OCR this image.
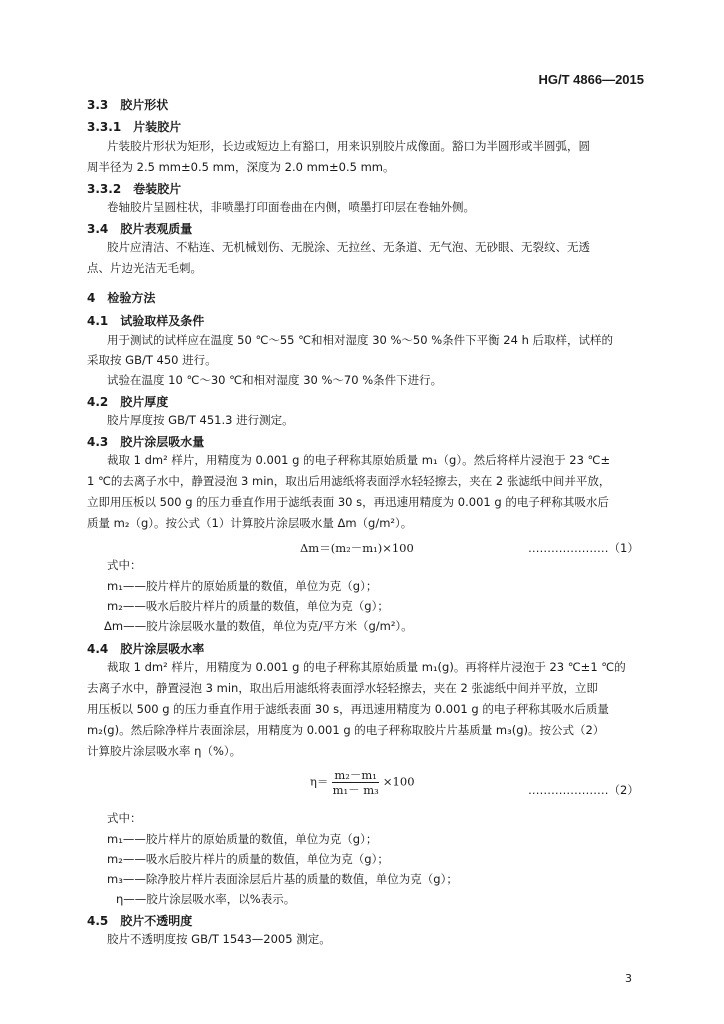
HG/T 4866—2015
3.3 胶片形状
3.3.1 片装胶片
片装胶片形状为矩形，长边或短边上有豁口，用来识别胶片成像面。豁口为半圆形或半圆弧，圆
周半径为 2.5 mm±0.5 mm，深度为 2.0 mm±0.5 mm。
3.3.2 卷装胶片
卷轴胶片呈圆柱状，非喷墨打印面卷曲在内侧，喷墨打印层在卷轴外侧。
3.4 胶片表观质量
胶片应清洁、不粘连、无机械划伤、无脱涂、无拉丝、无条道、无气泡、无砂眼、无裂纹、无透
点、片边光洁无毛刺。
4 检验方法
4.1 试验取样及条件
用于测试的试样应在温度 50 ℃～55 ℃和相对湿度 30 %～50 %条件下平衡 24 h 后取样，试样的
采取按 GB/T 450 进行。
试验在温度 10 ℃～30 ℃和相对湿度 30 %～70 %条件下进行。
4.2 胶片厚度
胶片厚度按 GB/T 451.3 进行测定。
4.3 胶片涂层吸水量
裁取 1 dm² 样片，用精度为 0.001 g 的电子秤称其原始质量 m₁（g）。然后将样片浸泡于 23 ℃±
1 ℃的去离子水中，静置浸泡 3 min，取出后用滤纸将表面浮水轻轻擦去，夹在 2 张滤纸中间并平放，
立即用压板以 500 g 的压力垂直作用于滤纸表面 30 s，再迅速用精度为 0.001 g 的电子秤称其吸水后
质量 m₂（g）。按公式（1）计算胶片涂层吸水量 Δm（g/m²）。
Δm＝(m₂－m₁)×100	…………………（1）
式中：
m₁——胶片样片的原始质量的数值，单位为克（g）；
m₂——吸水后胶片样片的质量的数值，单位为克（g）；
Δm——胶片涂层吸水量的数值，单位为克/平方米（g/m²）。
4.4 胶片涂层吸水率
裁取 1 dm² 样片，用精度为 0.001 g 的电子秤称其原始质量 m₁(g)。再将样片浸泡于 23 ℃±1 ℃的
去离子水中，静置浸泡 3 min，取出后用滤纸将表面浮水轻轻擦去，夹在 2 张滤纸中间并平放，立即
用压板以 500 g 的压力垂直作用于滤纸表面 30 s，再迅速用精度为 0.001 g 的电子秤称其吸水后质量
m₂(g)。然后除净样片表面涂层，用精度为 0.001 g 的电子秤称取胶片片基质量 m₃(g)。按公式（2）
计算胶片涂层吸水率 η（%）。
$\eta= \frac{\text{m₂－m₁}}{\text{m₁－ m₃}} \times 100$
…………………（2）
式中：
m₁——胶片样片的原始质量的数值，单位为克（g）；
m₂——吸水后胶片样片的质量的数值，单位为克（g）；
m₃——除净胶片样片表面涂层后片基的质量的数值，单位为克（g）；
η——胶片涂层吸水率，以%表示。
4.5 胶片不透明度
胶片不透明度按 GB/T 1543—2005 测定。
3
